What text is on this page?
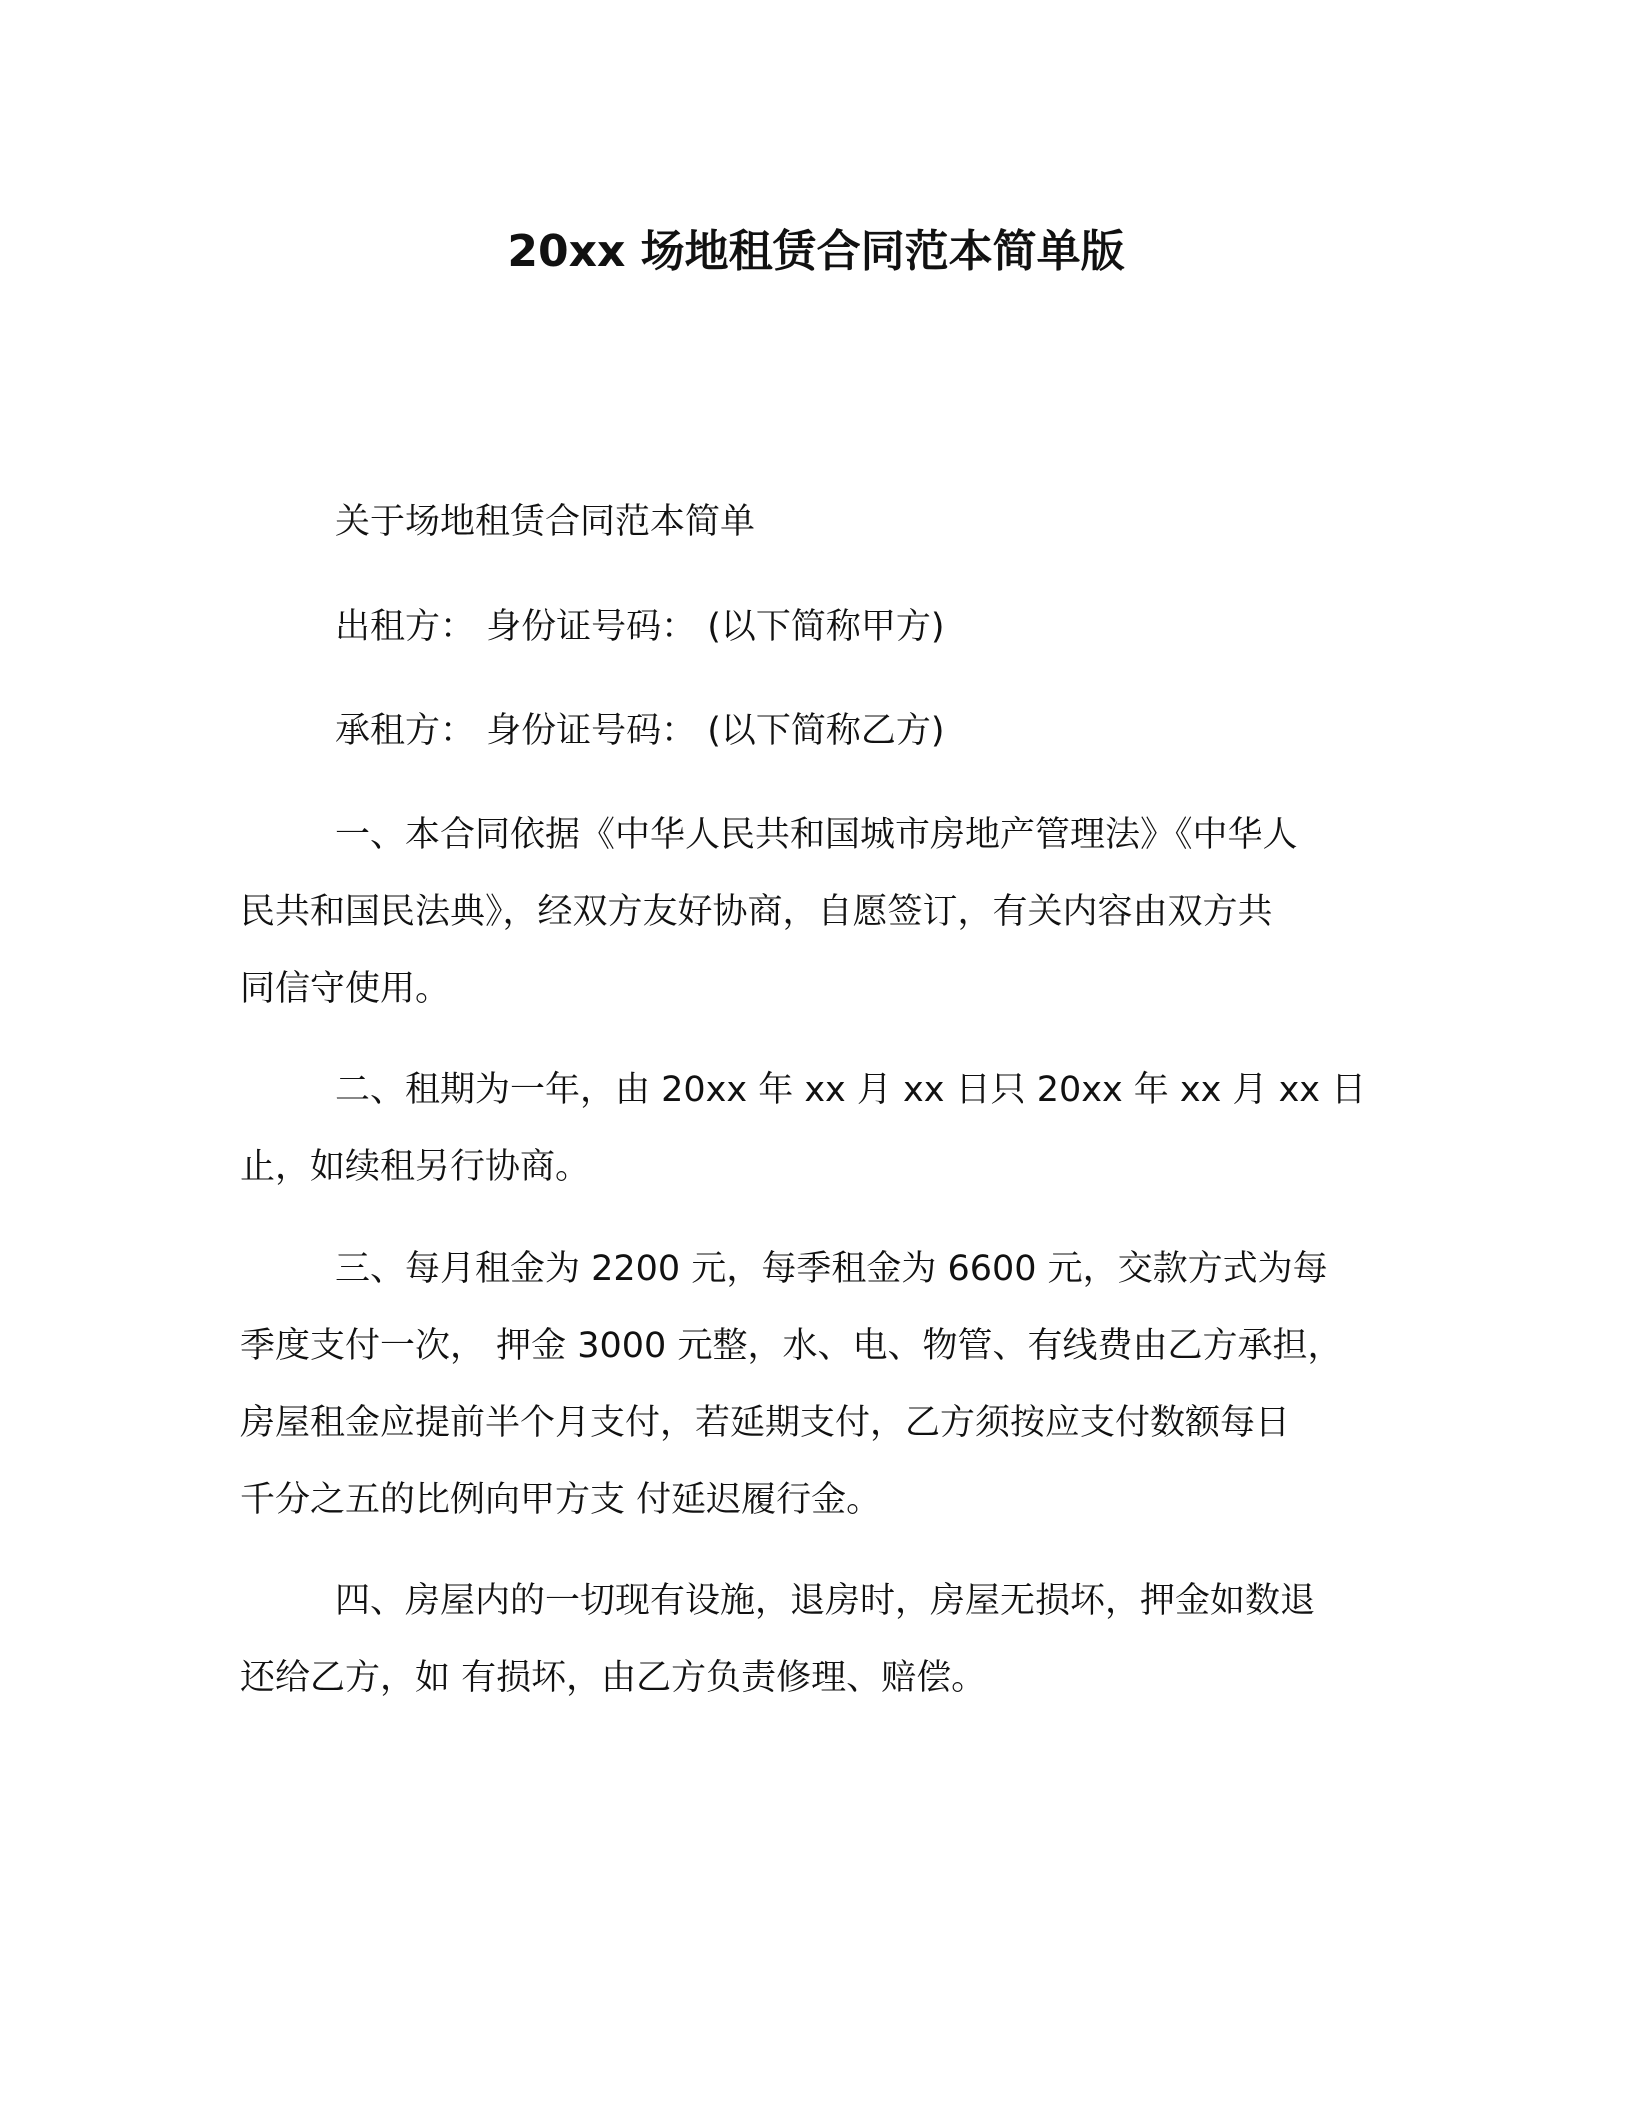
20xx 场地租赁合同范本简单版

关于场地租赁合同范本简单

出租方： 身份证号码： (以下简称甲方)

承租方： 身份证号码： (以下简称乙方)

一、本合同依据《中华人民共和国城市房地产管理法》《中华人
民共和国民法典》，经双方友好协商，自愿签订，有关内容由双方共
同信守使用。

二、租期为一年，由 20xx 年 xx 月 xx 日只 20xx 年 xx 月 xx 日
止，如续租另行协商。

三、每月租金为 2200 元，每季租金为 6600 元，交款方式为每
季度支付一次， 押金 3000 元整，水、电、物管、有线费由乙方承担，
房屋租金应提前半个月支付，若延期支付，乙方须按应支付数额每日
千分之五的比例向甲方支 付延迟履行金。

四、房屋内的一切现有设施，退房时，房屋无损坏，押金如数退
还给乙方，如 有损坏，由乙方负责修理、赔偿。
